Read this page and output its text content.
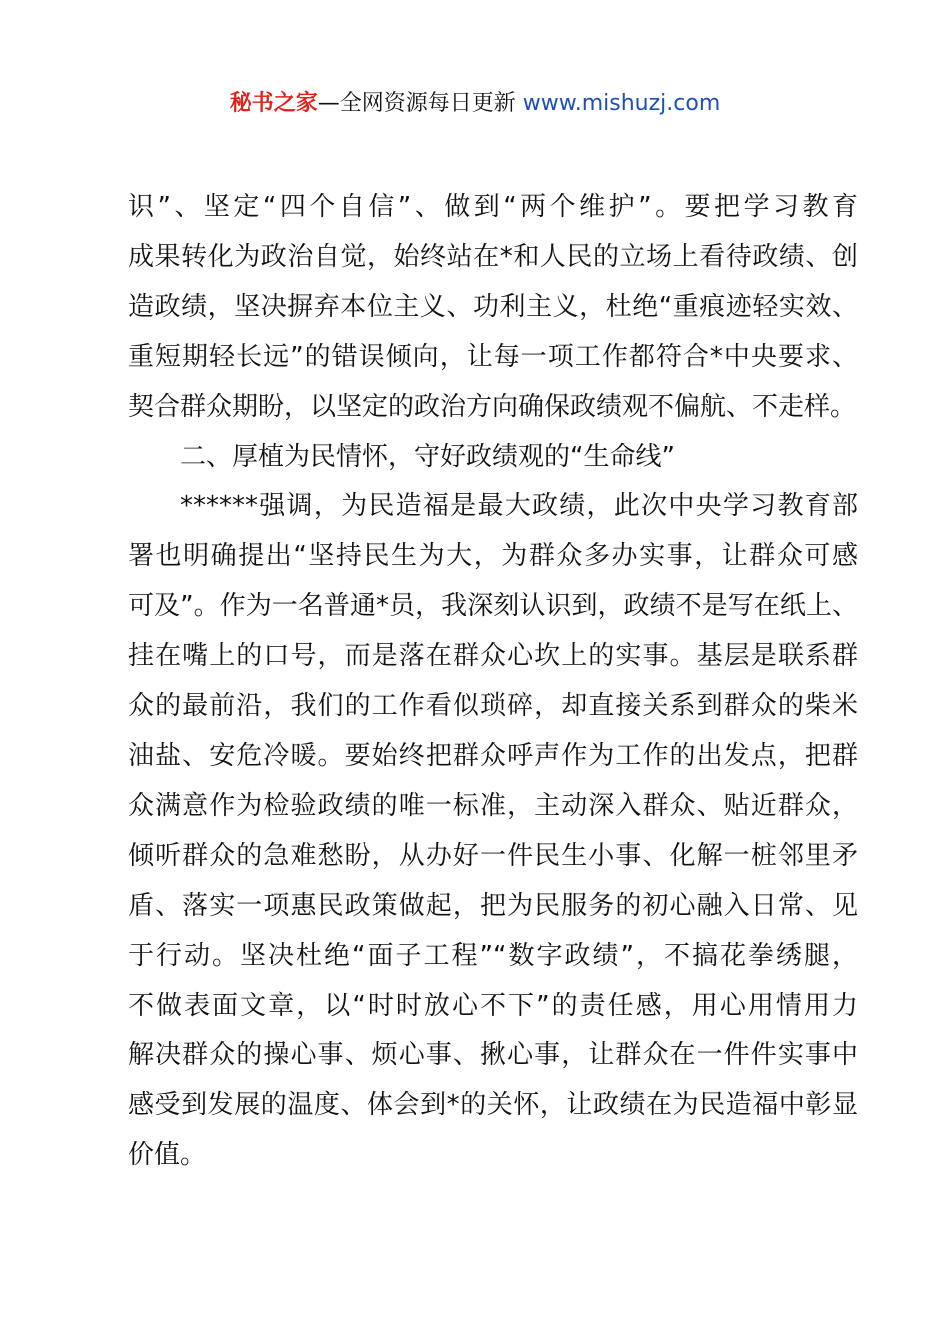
秘书之家—全网资源每日更新 www.mishuzj.com
识”、坚定“四个自信”、做到“两个维护”。要把学习教育
成果转化为政治自觉，始终站在*和人民的立场上看待政绩、创
造政绩，坚决摒弃本位主义、功利主义，杜绝“重痕迹轻实效、
重短期轻长远”的错误倾向，让每一项工作都符合*中央要求、
契合群众期盼，以坚定的政治方向确保政绩观不偏航、不走样。
二、厚植为民情怀，守好政绩观的“生命线”
******强调，为民造福是最大政绩，此次中央学习教育部
署也明确提出“坚持民生为大，为群众多办实事，让群众可感
可及”。作为一名普通*员，我深刻认识到，政绩不是写在纸上、
挂在嘴上的口号，而是落在群众心坎上的实事。基层是联系群
众的最前沿，我们的工作看似琐碎，却直接关系到群众的柴米
油盐、安危冷暖。要始终把群众呼声作为工作的出发点，把群
众满意作为检验政绩的唯一标准，主动深入群众、贴近群众，
倾听群众的急难愁盼，从办好一件民生小事、化解一桩邻里矛
盾、落实一项惠民政策做起，把为民服务的初心融入日常、见
于行动。坚决杜绝“面子工程”“数字政绩”，不搞花拳绣腿，
不做表面文章，以“时时放心不下”的责任感，用心用情用力
解决群众的操心事、烦心事、揪心事，让群众在一件件实事中
感受到发展的温度、体会到*的关怀，让政绩在为民造福中彰显
价值。
